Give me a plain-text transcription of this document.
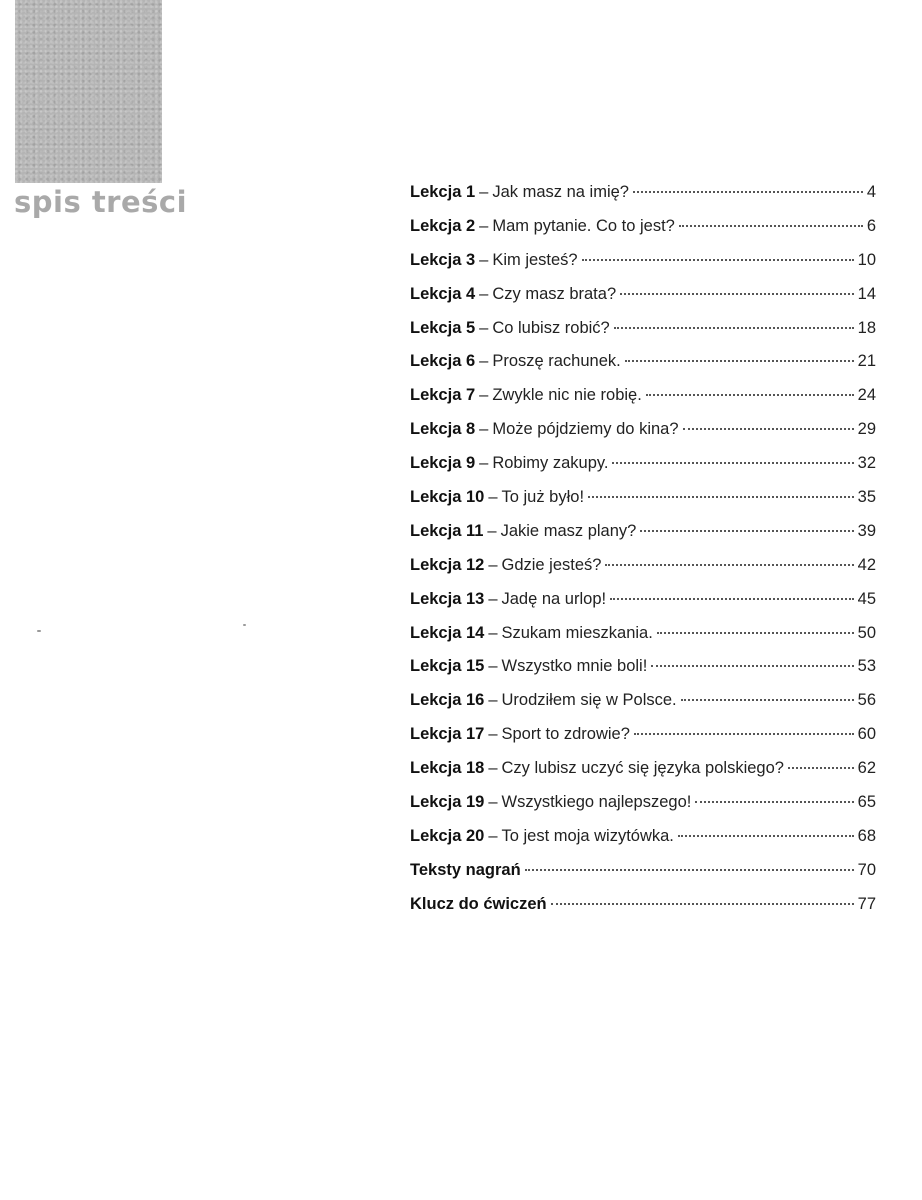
spis treści	Lekcja 1 – Jak masz na imię?	4
Lekcja 2 – Mam pytanie. Co to jest?	6
Lekcja 3 – Kim jesteś?	10
Lekcja 4 – Czy masz brata?	14
Lekcja 5 – Co lubisz robić?	18
Lekcja 6 – Proszę rachunek.	21
Lekcja 7 – Zwykle nic nie robię.	24
Lekcja 8 – Może pójdziemy do kina?	29
Lekcja 9 – Robimy zakupy.	32
Lekcja 10 – To już było!	35
Lekcja 11 – Jakie masz plany?	39
Lekcja 12 – Gdzie jesteś?	42
Lekcja 13 – Jadę na urlop!	45
Lekcja 14 – Szukam mieszkania.	50
Lekcja 15 – Wszystko mnie boli!	53
Lekcja 16 – Urodziłem się w Polsce.	56
Lekcja 17 – Sport to zdrowie?	60
Lekcja 18 – Czy lubisz uczyć się języka polskiego?	62
Lekcja 19 – Wszystkiego najlepszego!	65
Lekcja 20 – To jest moja wizytówka.	68
Teksty nagrań	70
Klucz do ćwiczeń	77
